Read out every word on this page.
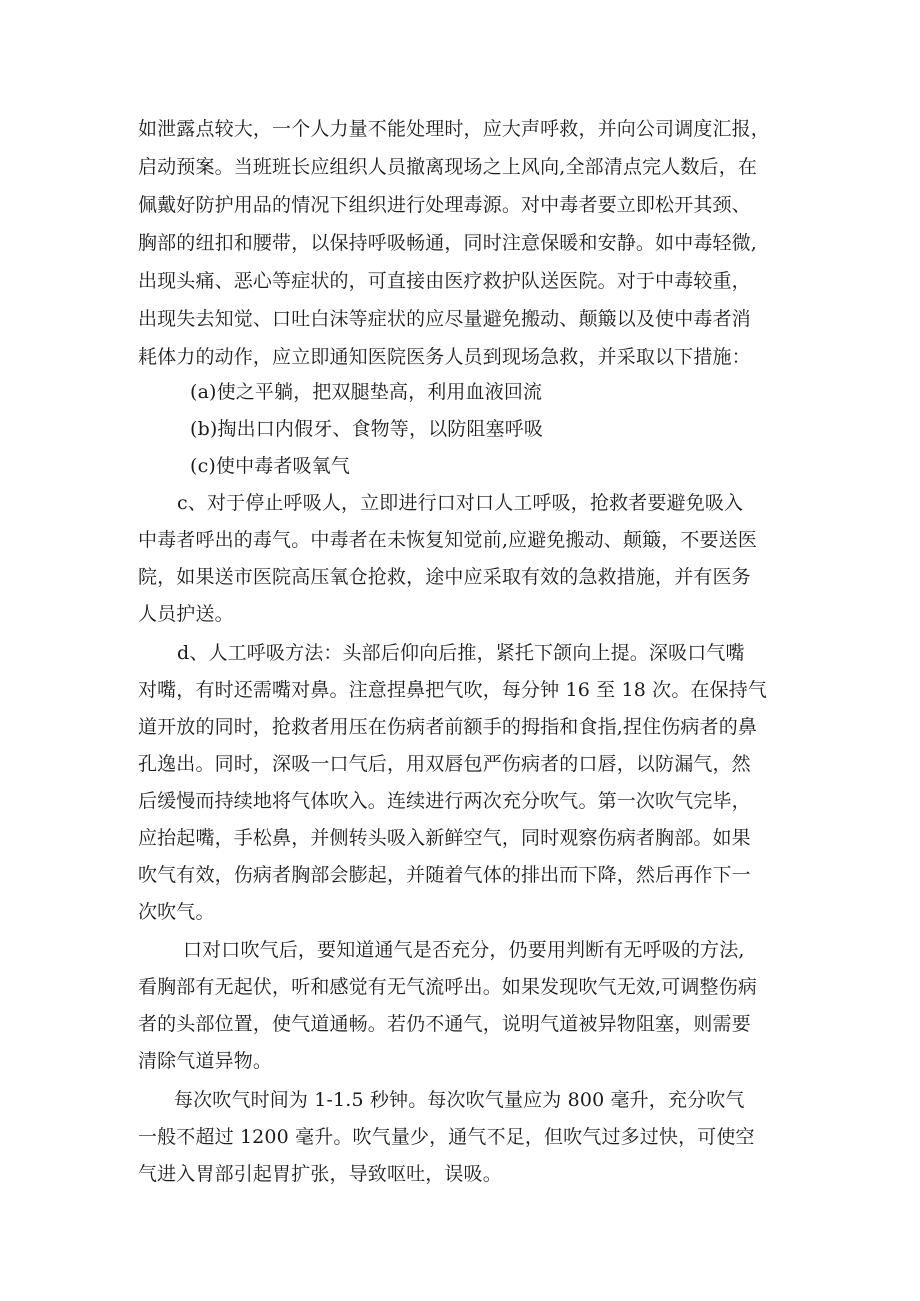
如泄露点较大，一个人力量不能处理时，应大声呼救，并向公司调度汇报，
启动预案。当班班长应组织人员撤离现场之上风向,全部清点完人数后，在
佩戴好防护用品的情况下组织进行处理毒源。对中毒者要立即松开其颈、
胸部的纽扣和腰带，以保持呼吸畅通，同时注意保暖和安静。如中毒轻微,
出现头痛、恶心等症状的，可直接由医疗救护队送医院。对于中毒较重，
出现失去知觉、口吐白沫等症状的应尽量避免搬动、颠簸以及使中毒者消
耗体力的动作，应立即通知医院医务人员到现场急救，并采取以下措施：
(a)使之平躺，把双腿垫高，利用血液回流
(b)掏出口内假牙、食物等，以防阻塞呼吸
(c)使中毒者吸氧气
c、对于停止呼吸人，立即进行口对口人工呼吸，抢救者要避免吸入
中毒者呼出的毒气。中毒者在未恢复知觉前,应避免搬动、颠簸，不要送医
院，如果送市医院高压氧仓抢救，途中应采取有效的急救措施，并有医务
人员护送。
d、人工呼吸方法：头部后仰向后推，紧托下颌向上提。深吸口气嘴
对嘴，有时还需嘴对鼻。注意捏鼻把气吹，每分钟 16 至 18 次。在保持气
道开放的同时，抢救者用压在伤病者前额手的拇指和食指,捏住伤病者的鼻
孔逸出。同时，深吸一口气后，用双唇包严伤病者的口唇，以防漏气，然
后缓慢而持续地将气体吹入。连续进行两次充分吹气。第一次吹气完毕，
应抬起嘴，手松鼻，并侧转头吸入新鲜空气，同时观察伤病者胸部。如果
吹气有效，伤病者胸部会膨起，并随着气体的排出而下降，然后再作下一
次吹气。
口对口吹气后，要知道通气是否充分，仍要用判断有无呼吸的方法,
看胸部有无起伏，听和感觉有无气流呼出。如果发现吹气无效,可调整伤病
者的头部位置，使气道通畅。若仍不通气，说明气道被异物阻塞，则需要
清除气道异物。
每次吹气时间为 1-1.5 秒钟。每次吹气量应为 800 毫升，充分吹气
一般不超过 1200 毫升。吹气量少，通气不足，但吹气过多过快，可使空
气进入胃部引起胃扩张，导致呕吐，误吸。
